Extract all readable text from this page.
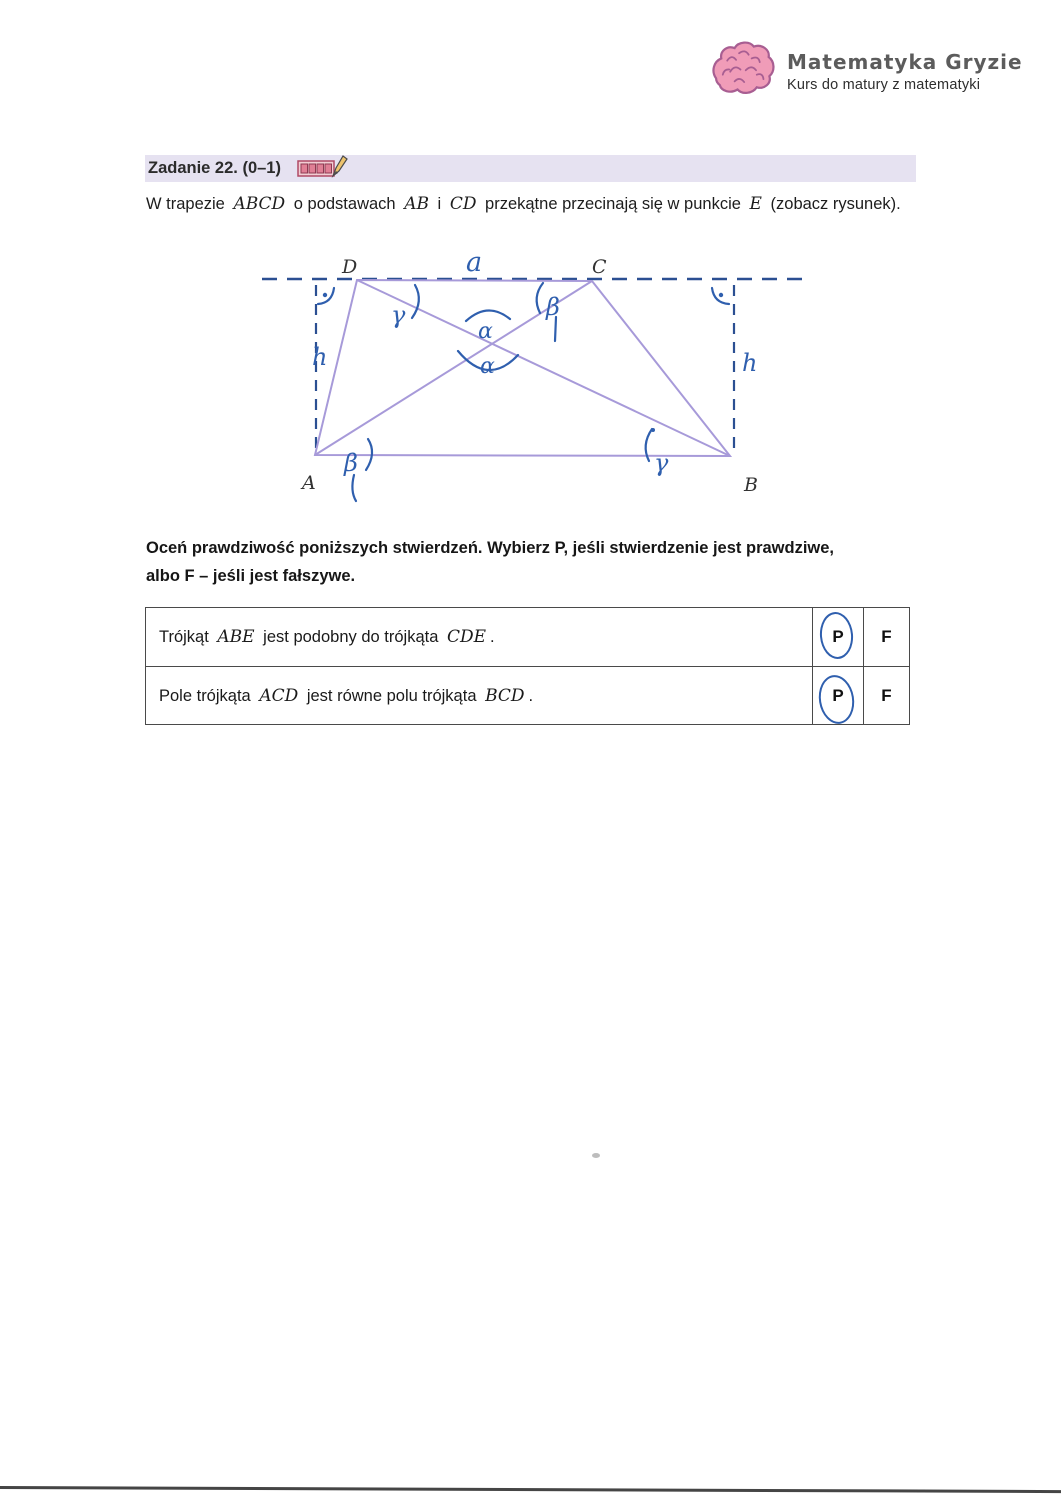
Matematyka Gryzie
Kurs do matury z matematyki
Zadanie 22. (0–1)

W trapezie ABCD o podstawach AB i CD przekątne przecinają się w punkcie E (zobacz rysunek).

A	B
C
D	a
h	h
γ	β
α
α
β	γ

Oceń prawdziwość poniższych stwierdzeń. Wybierz P, jeśli stwierdzenie jest prawdziwe, albo F – jeśli jest fałszywe.

Trójkąt ABE jest podobny do trójkąta CDE .	P F
Pole trójkąta ACD jest równe polu trójkąta BCD .	P F
